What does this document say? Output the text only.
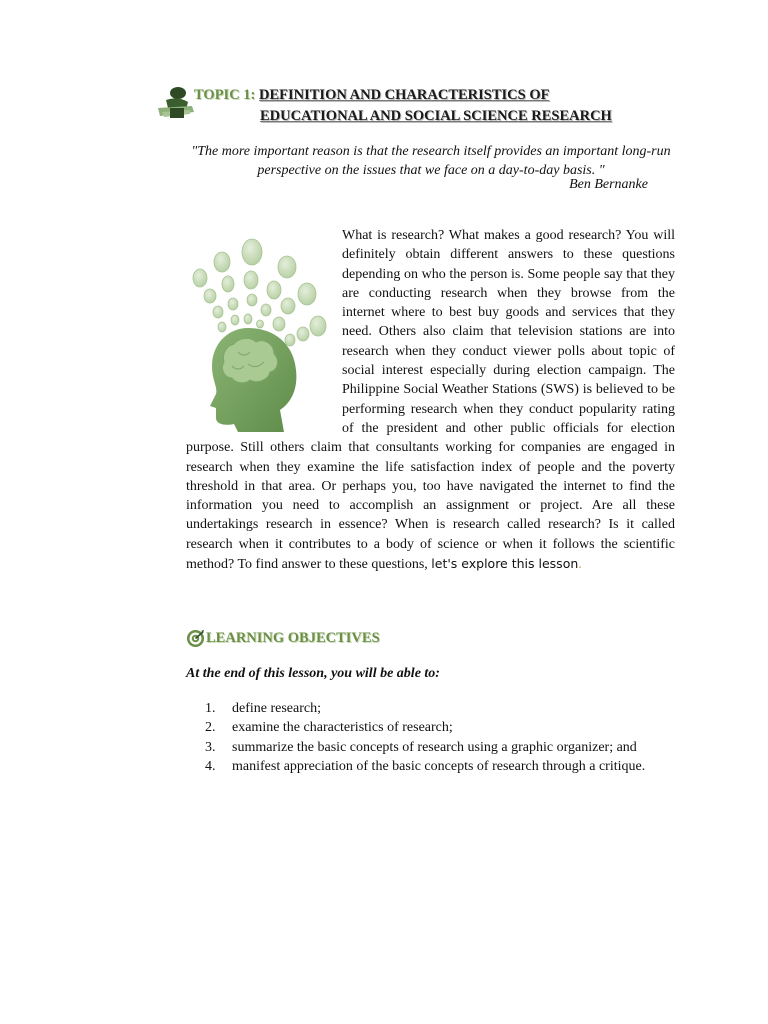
TOPIC 1: DEFINITION AND CHARACTERISTICS OF
EDUCATIONAL AND SOCIAL SCIENCE RESEARCH
"The more important reason is that the research itself provides an important long-run perspective on the issues that we face on a day-to-day basis. "
Ben Bernanke
What is research? What makes a good research? You will definitely obtain different answers to these questions depending on who the person is. Some people say that they are conducting research when they browse from the internet where to best buy goods and services that they need. Others also claim that television stations are into research when they conduct viewer polls about topic of social interest especially during election campaign. The Philippine Social Weather Stations (SWS) is believed to be performing research when they conduct popularity rating of the president and other public officials for election purpose. Still others claim that consultants working for companies are engaged in research when they examine the life satisfaction index of people and the poverty threshold in that area. Or perhaps you, too have navigated the internet to find the information you need to accomplish an assignment or project. Are all these undertakings research in essence? When is research called research? Is it called research when it contributes to a body of science or when it follows the scientific method? To find answer to these questions, let's explore this lesson.
LEARNING OBJECTIVES
At the end of this lesson, you will be able to:
1. define research;
2. examine the characteristics of research;
3. summarize the basic concepts of research using a graphic organizer; and
4. manifest appreciation of the basic concepts of research through a critique.
